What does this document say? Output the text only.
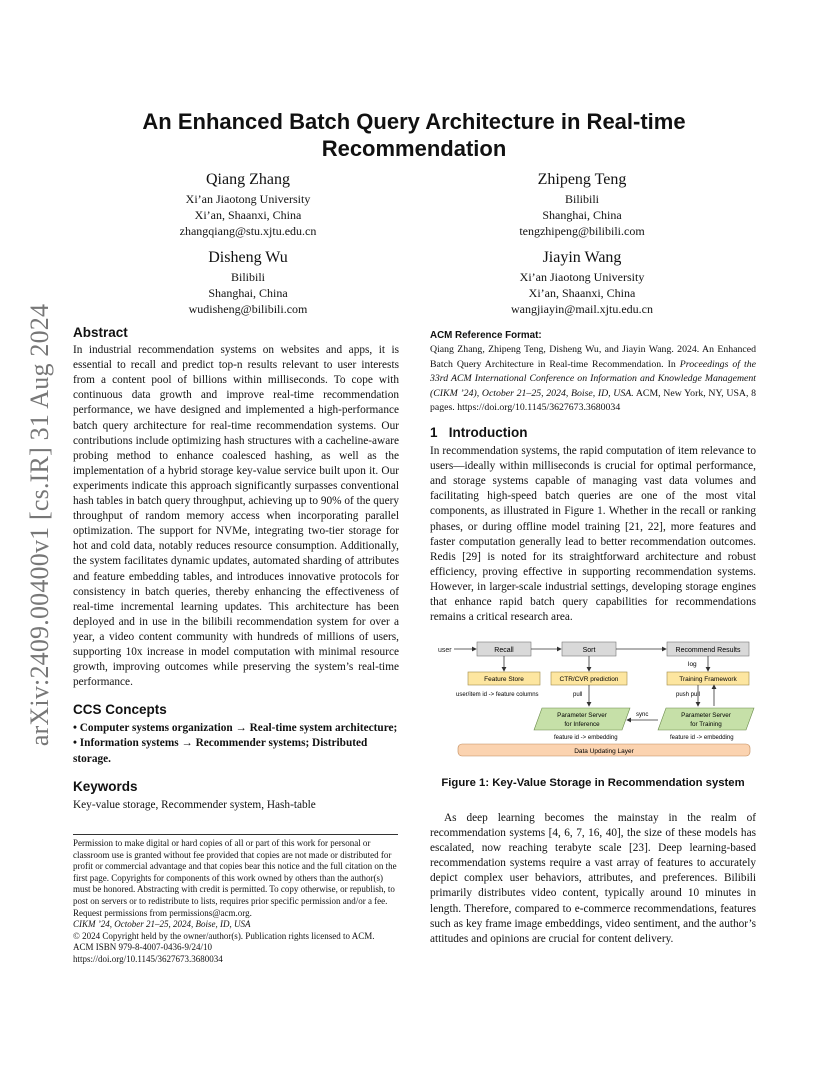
arXiv:2409.00400v1 [cs.IR] 31 Aug 2024
An Enhanced Batch Query Architecture in Real-time Recommendation
Qiang Zhang
Xi’an Jiaotong University
Xi’an, Shaanxi, China
zhangqiang@stu.xjtu.edu.cn
Zhipeng Teng
Bilibili
Shanghai, China
tengzhipeng@bilibili.com
Disheng Wu
Bilibili
Shanghai, China
wudisheng@bilibili.com
Jiayin Wang
Xi’an Jiaotong University
Xi’an, Shaanxi, China
wangjiayin@mail.xjtu.edu.cn
Abstract

In industrial recommendation systems on websites and apps, it is essential to recall and predict top-n results relevant to user interests from a content pool of billions within milliseconds. To cope with continuous data growth and improve real-time recommendation performance, we have designed and implemented a high-performance batch query architecture for real-time recommendation systems. Our contributions include optimizing hash structures with a cacheline-aware probing method to enhance coalesced hashing, as well as the implementation of a hybrid storage key-value service built upon it. Our experiments indicate this approach significantly surpasses conventional hash tables in batch query throughput, achieving up to 90% of the query throughput of random memory access when incorporating parallel optimization. The support for NVMe, integrating two-tier storage for hot and cold data, notably reduces resource consumption. Additionally, the system facilitates dynamic updates, automated sharding of attributes and feature embedding tables, and introduces innovative protocols for consistency in batch queries, thereby enhancing the effectiveness of real-time incremental learning updates. This architecture has been deployed and in use in the bilibili recommendation system for over a year, a video content community with hundreds of millions of users, supporting 10x increase in model computation with minimal resource growth, improving outcomes while preserving the system’s real-time performance.

CCS Concepts

• Computer systems organization → Real-time system architecture; • Information systems → Recommender systems; Distributed storage.

Keywords

Key-value storage, Recommender system, Hash-table

Permission to make digital or hard copies of all or part of this work for personal or classroom use is granted without fee provided that copies are not made or distributed for profit or commercial advantage and that copies bear this notice and the full citation on the first page. Copyrights for components of this work owned by others than the author(s) must be honored. Abstracting with credit is permitted. To copy otherwise, or republish, to post on servers or to redistribute to lists, requires prior specific permission and/or a fee. Request permissions from permissions@acm.org.
CIKM ’24, October 21–25, 2024, Boise, ID, USA
© 2024 Copyright held by the owner/author(s). Publication rights licensed to ACM.
ACM ISBN 979-8-4007-0436-9/24/10
https://doi.org/10.1145/3627673.3680034
ACM Reference Format:

Qiang Zhang, Zhipeng Teng, Disheng Wu, and Jiayin Wang. 2024. An Enhanced Batch Query Architecture in Real-time Recommendation. In Proceedings of the 33rd ACM International Conference on Information and Knowledge Management (CIKM ’24), October 21–25, 2024, Boise, ID, USA. ACM, New York, NY, USA, 8 pages. https://doi.org/10.1145/3627673.3680034

1 Introduction

In recommendation systems, the rapid computation of item relevance to users—ideally within milliseconds is crucial for optimal performance, and storage systems capable of managing vast data volumes and facilitating high-speed batch queries are one of the most vital components, as illustrated in Figure 1. Whether in the recall or ranking phases, or during offline model training [21, 22], more features and faster computation generally lead to better recommendation outcomes. Redis [29] is noted for its straightforward architecture and robust efficiency, proving effective in supporting recommendation systems. However, in larger-scale industrial settings, developing storage engines that enhance rapid batch query capabilities for recommendations remains a critical research area.

user	Recall	Sort	Recommend Results
log
Feature Store	CTR/CVR prediction	Training Framework
user/item id -> feature columns	pull	push pull
Parameter Server
for Inference
Parameter Server
for Training
sync
feature id -> embedding	feature id -> embedding
Data Updating Layer
Figure 1: Key-Value Storage in Recommendation system

As deep learning becomes the mainstay in the realm of recommendation systems [4, 6, 7, 16, 40], the size of these models has escalated, now reaching terabyte scale [23]. Deep learning-based recommendation systems require a vast array of features to accurately depict complex user behaviors, attributes, and preferences. Bilibili primarily distributes video content, typically around 10 minutes in length. Therefore, compared to e-commerce recommendations, features such as key frame image embeddings, video sentiment, and the author’s attitudes and opinions are crucial for content delivery.
